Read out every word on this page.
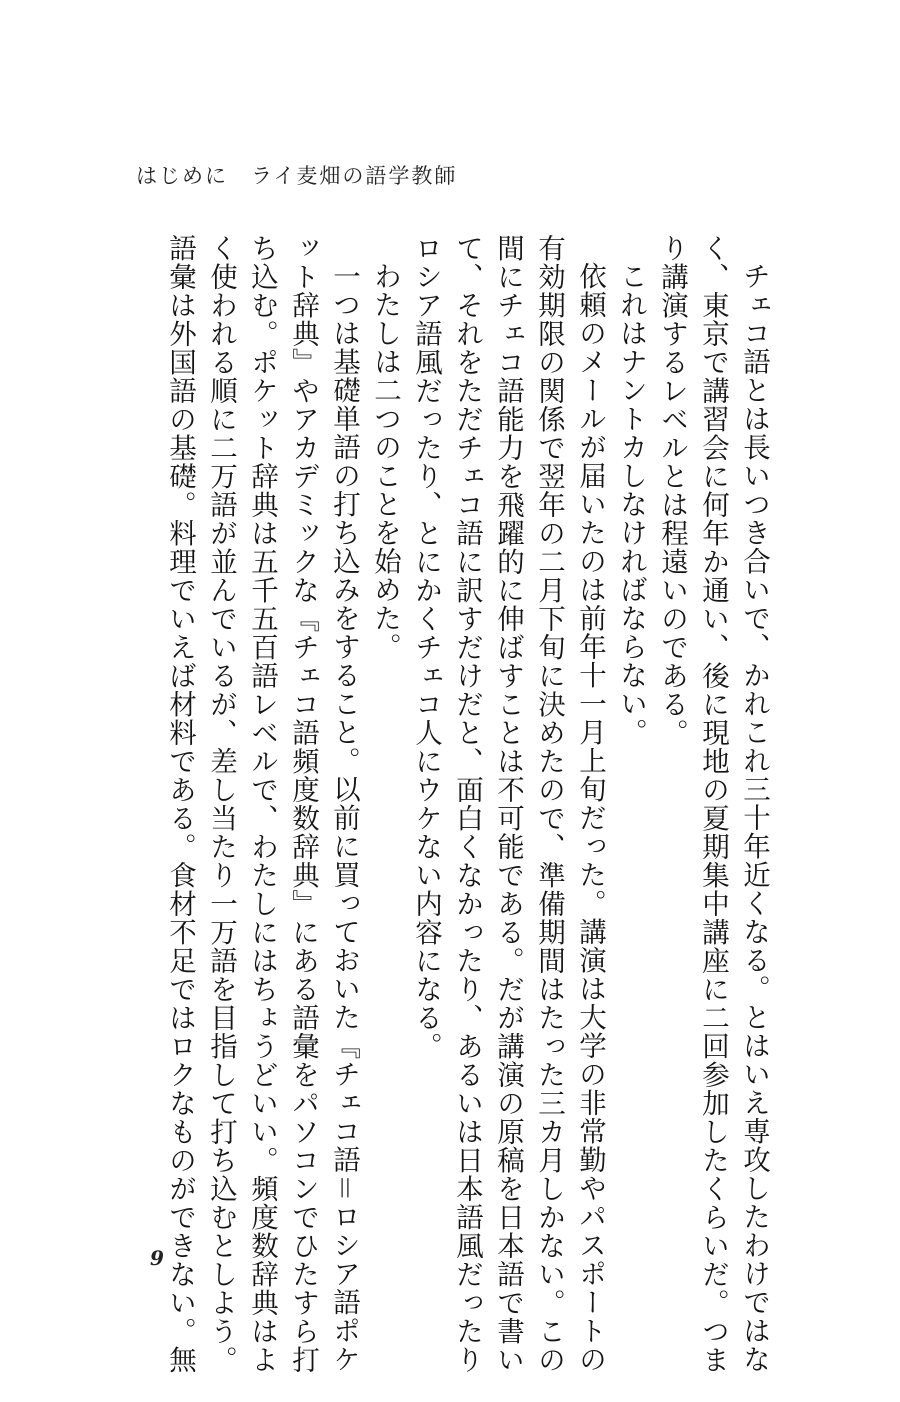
はじめに　ライ麦畑の語学教師

チェコ語とは長いつき合いで、かれこれ三十年近くなる。とはいえ専攻したわけではな

く、東京で講習会に何年か通い、後に現地の夏期集中講座に二回参加したくらいだ。つま

り講演するレベルとは程遠いのである。

これはナントカしなければならない。

依頼のメールが届いたのは前年十一月上旬だった。講演は大学の非常勤やパスポートの

有効期限の関係で翌年の二月下旬に決めたので、準備期間はたった三カ月しかない。この

間にチェコ語能力を飛躍的に伸ばすことは不可能である。だが講演の原稿を日本語で書い

て、それをただチェコ語に訳すだけだと、面白くなかったり、あるいは日本語風だったり

ロシア語風だったり、とにかくチェコ人にウケない内容になる。

わたしは二つのことを始めた。

一つは基礎単語の打ち込みをすること。以前に買っておいた『チェコ語＝ロシア語ポケ

ット辞典』やアカデミックな『チェコ語頻度数辞典』にある語彙をパソコンでひたすら打

ち込む。ポケット辞典は五千五百語レベルで、わたしにはちょうどいい。頻度数辞典はよ

く使われる順に二万語が並んでいるが、差し当たり一万語を目指して打ち込むとしよう。

語彙は外国語の基礎。料理でいえば材料である。食材不足ではロクなものができない。無

9
